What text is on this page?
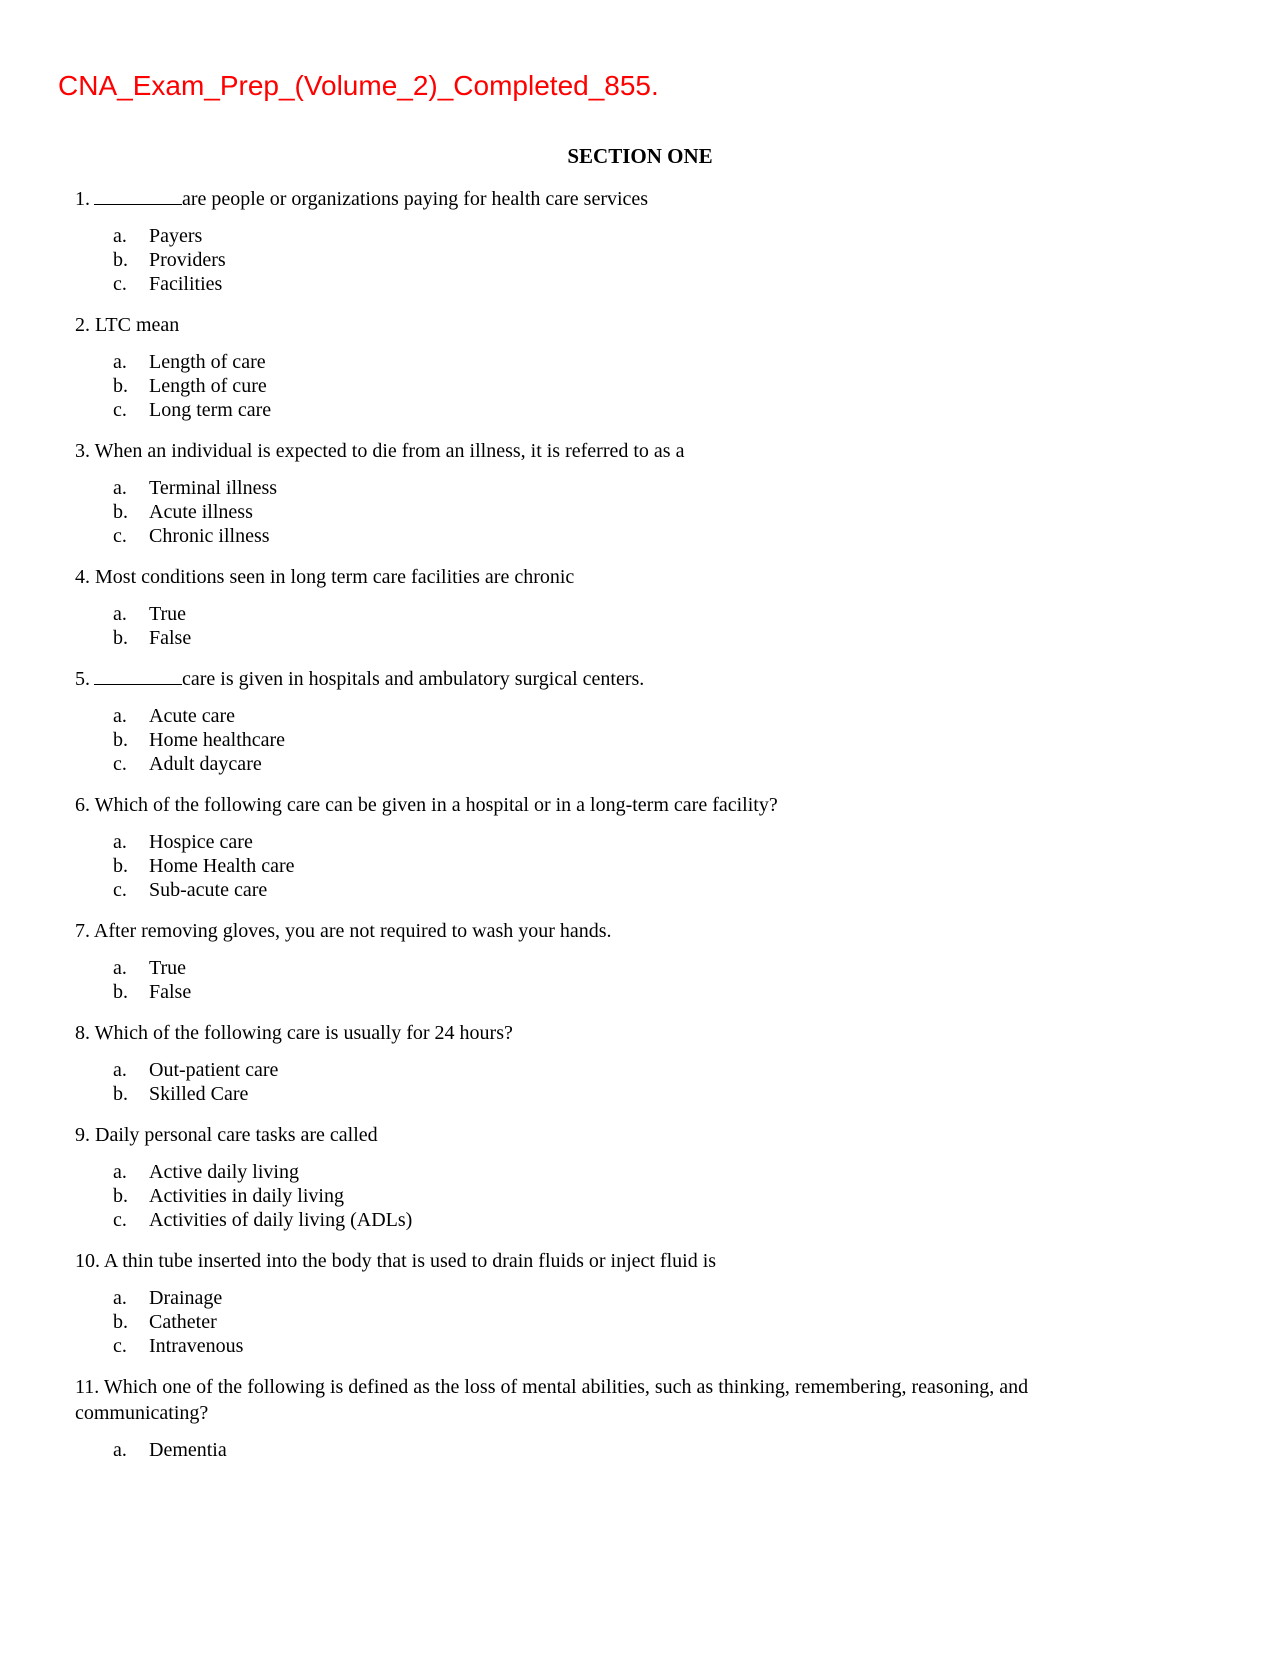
CNA_Exam_Prep_(Volume_2)_Completed_855.
SECTION ONE
1.	are people or organizations paying for health care services
a.	Payers
b.	Providers
c.	Facilities
2. LTC mean
a.	Length of care
b.	Length of cure
c.	Long term care
3. When an individual is expected to die from an illness, it is referred to as a
a.	Terminal illness
b.	Acute illness
c.	Chronic illness
4. Most conditions seen in long term care facilities are chronic
a.	True
b.	False
5.	care is given in hospitals and ambulatory surgical centers.
a.	Acute care
b.	Home healthcare
c.	Adult daycare
6. Which of the following care can be given in a hospital or in a long-term care facility?
a.	Hospice care
b.	Home Health care
c.	Sub-acute care
7. After removing gloves, you are not required to wash your hands.
a.	True
b.	False
8. Which of the following care is usually for 24 hours?
a.	Out-patient care
b.	Skilled Care
9. Daily personal care tasks are called
a.	Active daily living
b.	Activities in daily living
c.	Activities of daily living (ADLs)
10. A thin tube inserted into the body that is used to drain fluids or inject fluid is
a.	Drainage
b.	Catheter
c.	Intravenous
11. Which one of the following is defined as the loss of mental abilities, such as thinking, remembering, reasoning, and communicating?
a.	Dementia
